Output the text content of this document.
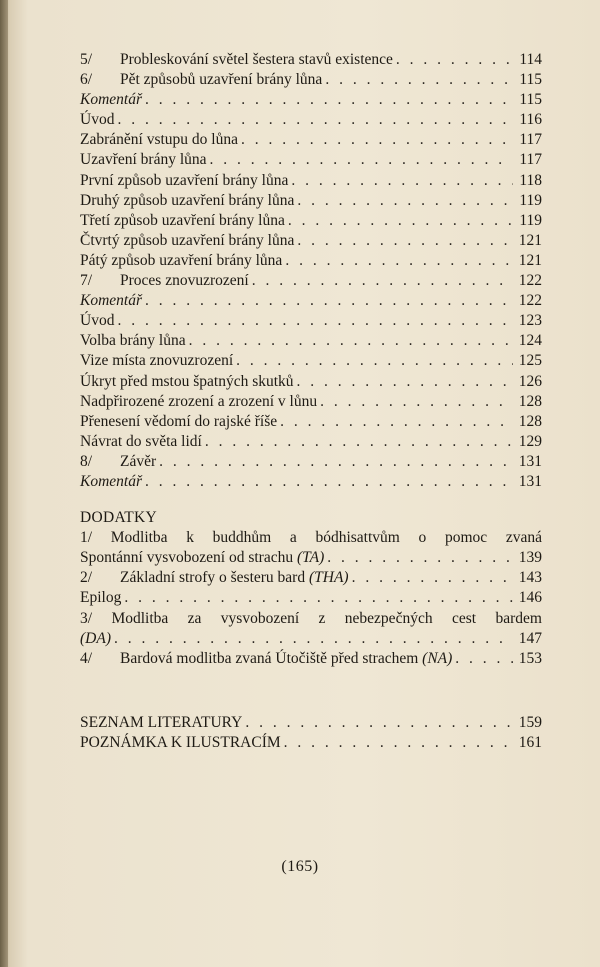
5/	Probleskování světel šestera stavů existence . . .	114
6/	Pět způsobů uzavření brány lůna . . .	115
Komentář . . .	115
Úvod . . .	116
Zabránění vstupu do lůna . . .	117
Uzavření brány lůna . . .	117
První způsob uzavření brány lůna . . .	118
Druhý způsob uzavření brány lůna . . .	119
Třetí způsob uzavření brány lůna . . .	119
Čtvrtý způsob uzavření brány lůna . . .	121
Pátý způsob uzavření brány lůna . . .	121
7/	Proces znovuzrození . . .	122
Komentář . . .	122
Úvod . . .	123
Volba brány lůna . . .	124
Vize místa znovuzrození . . .	125
Úkryt před mstou špatných skutků . . .	126
Nadpřirozené zrození a zrození v lůnu . . .	128
Přenesení vědomí do rajské říše . . .	128
Návrat do světa lidí . . .	129
8/	Závěr . . .	131
Komentář . . .	131
DODATKY
1/ Modlitba k buddhům a bódhisattvům o pomoc zvaná
Spontánní vysvobození od strachu (TA) . . .	139
2/	Základní strofy o šesteru bard (THA) . . .	143
Epilog . . .	146
3/ Modlitba za vysvobození z nebezpečných cest bardem
(DA) . . .	147
4/	Bardová modlitba zvaná Útočiště před strachem (NA) . . .	153
SEZNAM LITERATURY . . .	159
POZNÁMKA K ILUSTRACÍM . . .	161
(165)
